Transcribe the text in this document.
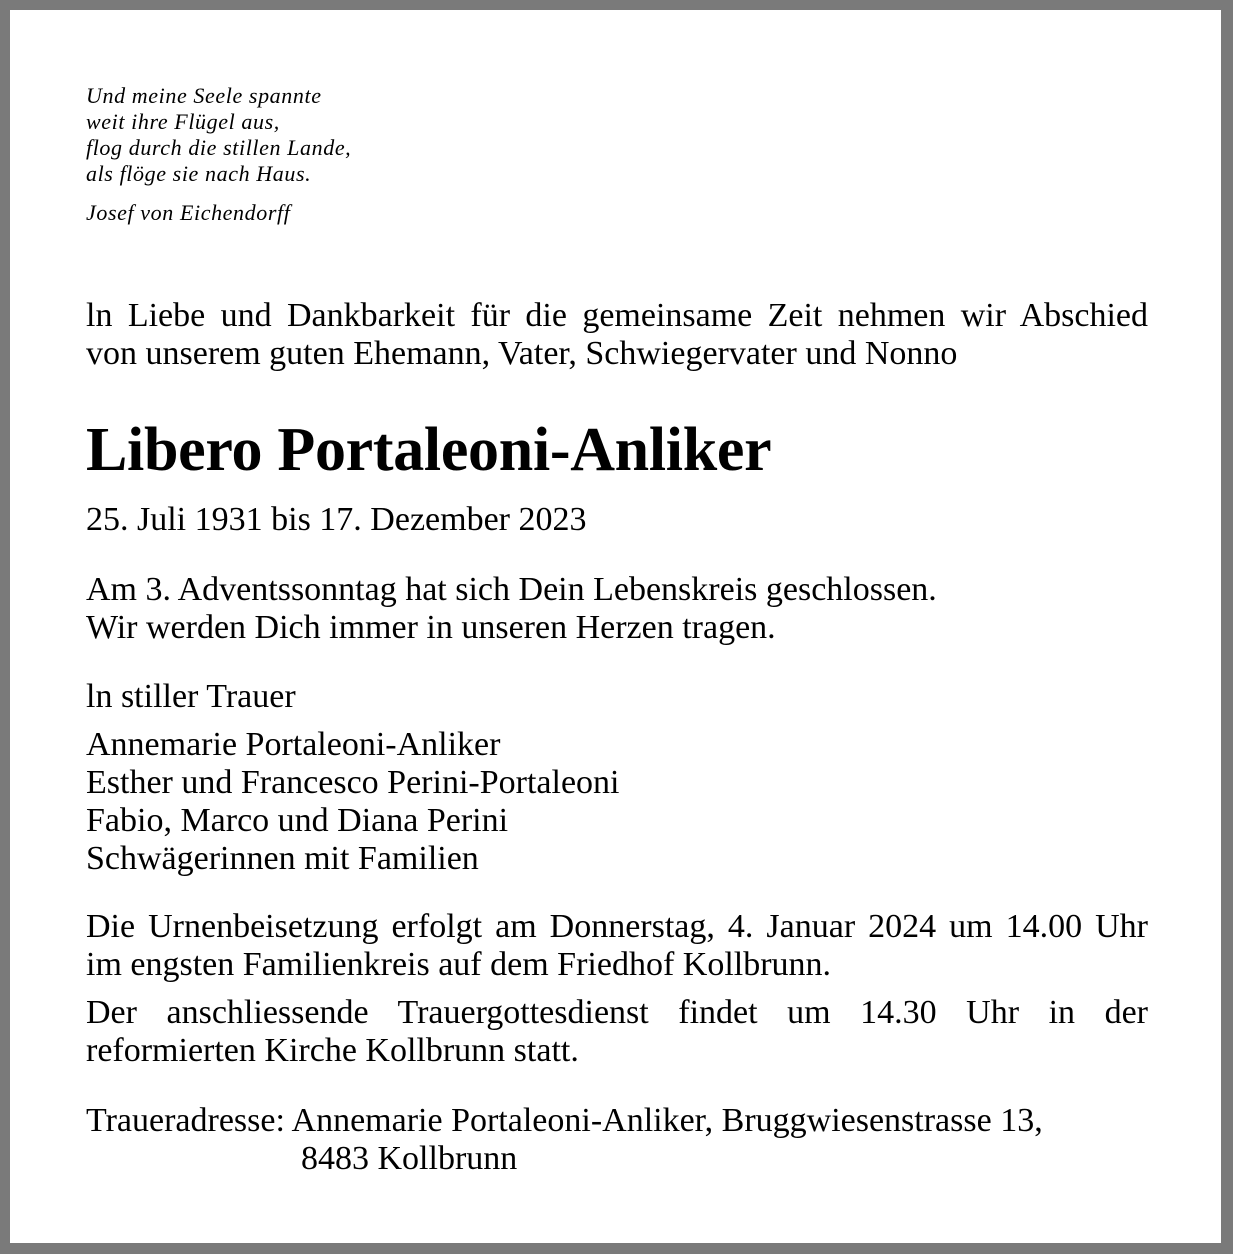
Und meine Seele spannte
weit ihre Flügel aus,
flog durch die stillen Lande,
als flöge sie nach Haus.
Josef von Eichendorff
ln Liebe und Dankbarkeit für die gemeinsame Zeit nehmen wir Abschied
von unserem guten Ehemann, Vater, Schwiegervater und Nonno
Libero Portaleoni-Anliker
25. Juli 1931 bis 17. Dezember 2023
Am 3. Adventssonntag hat sich Dein Lebenskreis geschlossen.
Wir werden Dich immer in unseren Herzen tragen.
ln stiller Trauer
Annemarie Portaleoni-Anliker
Esther und Francesco Perini-Portaleoni
Fabio, Marco und Diana Perini
Schwägerinnen mit Familien
Die Urnenbeisetzung erfolgt am Donnerstag, 4. Januar 2024 um 14.00 Uhr
im engsten Familienkreis auf dem Friedhof Kollbrunn.
Der anschliessende Trauergottesdienst findet um 14.30 Uhr in der
reformierten Kirche Kollbrunn statt.
Traueradresse: Annemarie Portaleoni-Anliker, Bruggwiesenstrasse 13,
8483 Kollbrunn
